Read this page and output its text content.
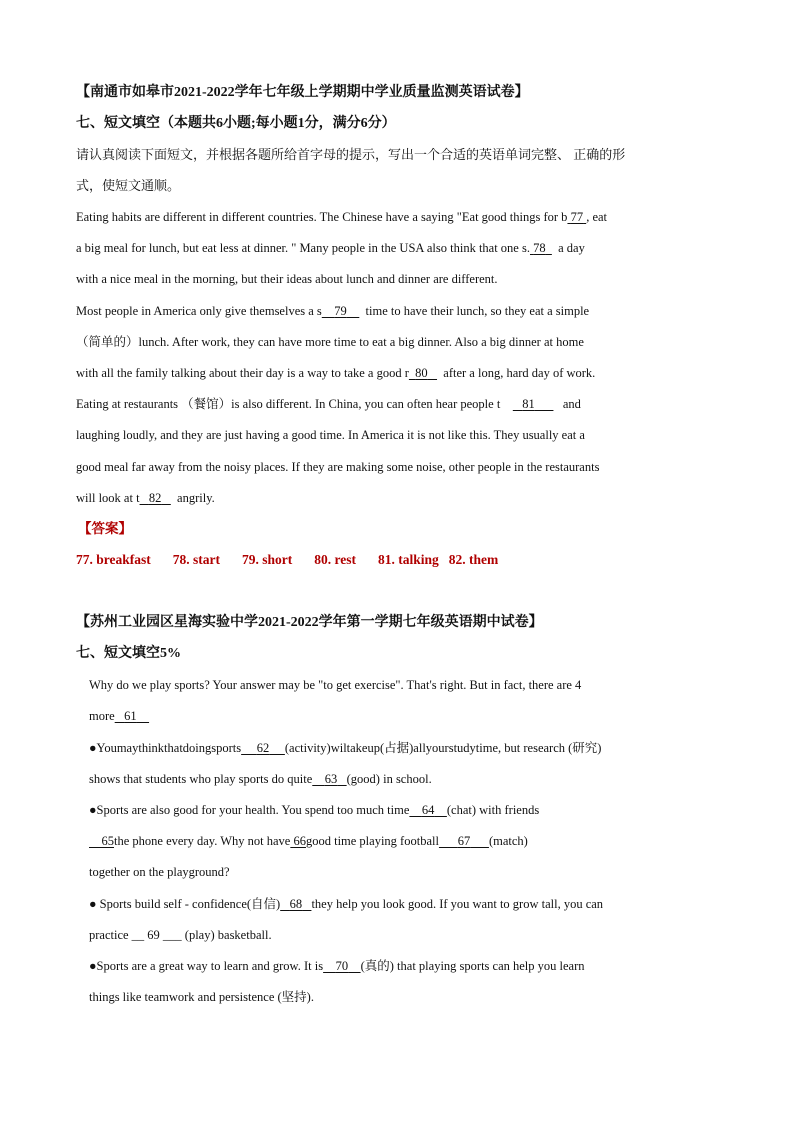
【南通市如皋市2021-2022学年七年级上学期期中学业质量监测英语试卷】
七、短文填空（本题共6小题;每小题1分，满分6分）
请认真阅读下面短文，并根据各题所给首字母的提示，写出一个合适的英语单词完整、 正确的形
式，使短文通顺。
Eating habits are different in different countries. The Chinese have a saying "Eat good things for b 77 , eat
a big meal for lunch, but eat less at dinner. " Many people in the USA also think that one s. 78 a day
with a nice meal in the morning, but their ideas about lunch and dinner are different.
Most people in America only give themselves a s 79 time to have their lunch, so they eat a simple
（简单的）lunch. After work, they can have more time to eat a big dinner. Also a big dinner at home
with all the family talking about their day is a way to take a good r 80 after a long, hard day of work.
Eating at restaurants （餐馆）is also different. In China, you can often hear people t 81 and
laughing loudly, and they are just having a good time. In America it is not like this. They usually eat a
good meal far away from the noisy places. If they are making some noise, other people in the restaurants
will look at t 82 angrily.
【答案】
77. breakfast 78. start 79. short 80. rest 81. talking 82. them
【苏州工业园区星海实验中学2021-2022学年第一学期七年级英语期中试卷】
七、短文填空5%
Why do we play sports? Your answer may be "to get exercise". That's right. But in fact, there are 4
more 61
●Youmaythinkthatdoingsports 62 (activity)wiltakeup(占据)allyourstudytime, but research (研究)
shows that students who play sports do quite 63 (good) in school.
●Sports are also good for your health. You spend too much time 64 (chat) with friends
65the phone every day. Why not have 66good time playing football 67 (match)
together on the playground?
● Sports build self - confidence(自信) 68 they help you look good. If you want to grow tall, you can
practice __ 69 ___ (play) basketball.
●Sports are a great way to learn and grow. It is 70 (真的) that playing sports can help you learn
things like teamwork and persistence (坚持).
